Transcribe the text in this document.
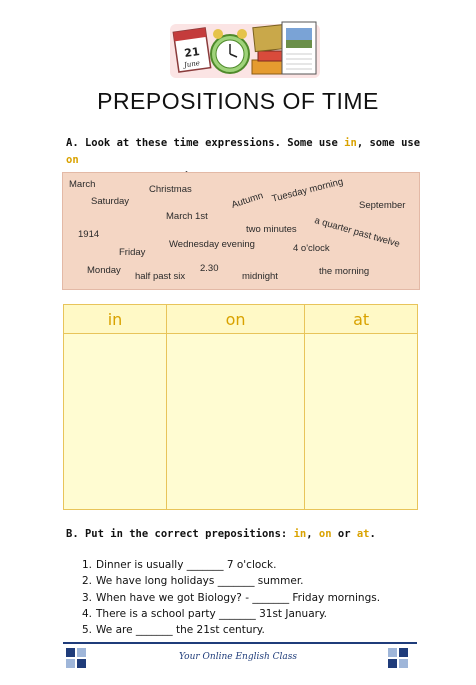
21
June
PREPOSITIONS OF TIME
A. Look at these time expressions. Some use in, some use on
March	Christmas
Saturday	Autumn Tuesday morning
September
March 1st
1914	two minutes a quarter past twelve
Friday
Wednesday evening	4 o'clock
2.30
Monday
half past six	midnight	the morning
in	on	at

B. Put in the correct prepositions: in, on or at.
1. Dinner is usually _______ 7 o'clock.
2. We have long holidays _______ summer.
3. When have we got Biology? - _______ Friday mornings.
4. There is a school party _______ 31st January.
5. We are _______ the 21st century.
Your Online English Class
